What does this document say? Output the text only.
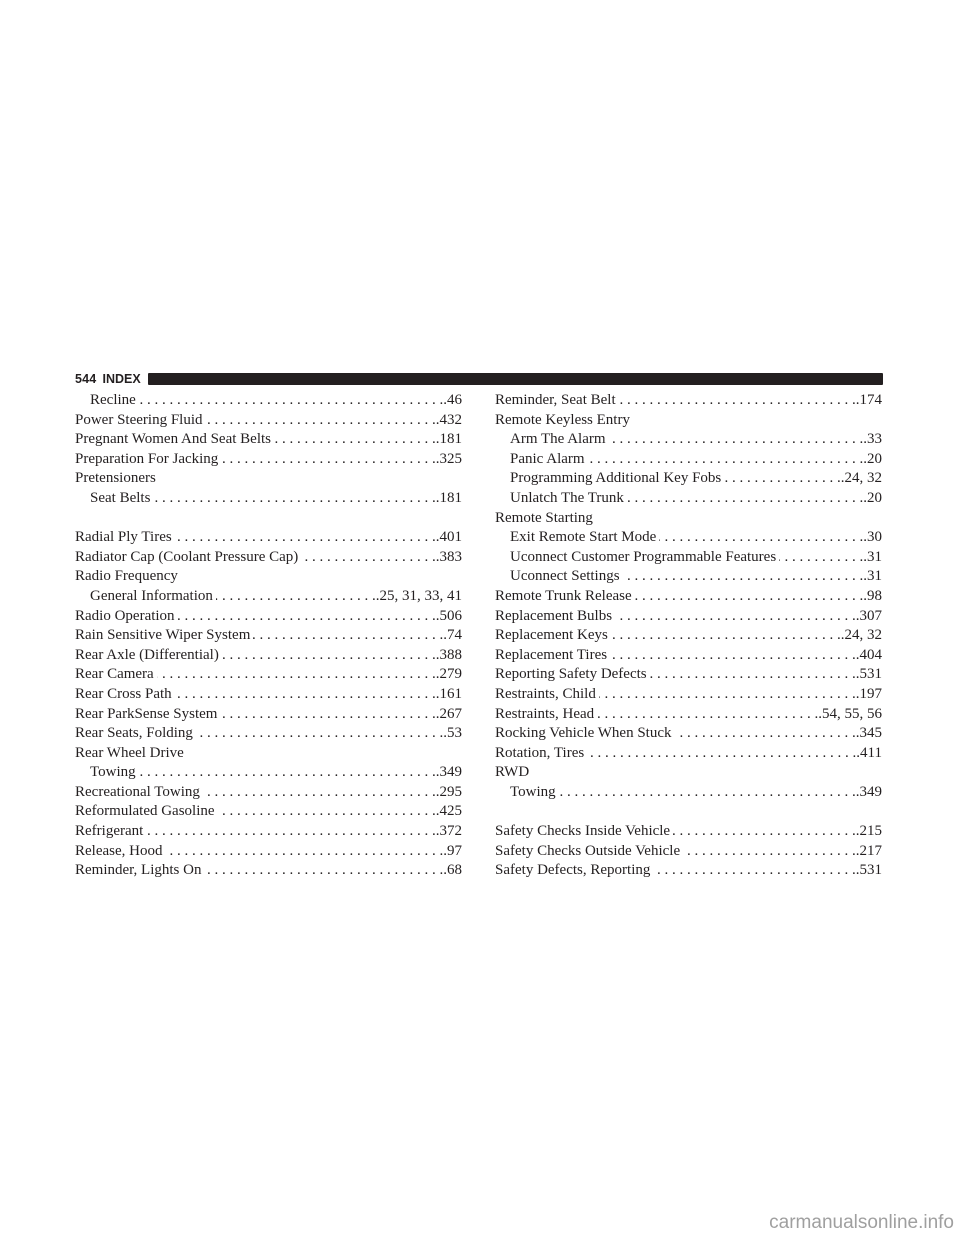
544 INDEX
Recline . . .	.46
Power Steering Fluid . . .	.432
Pregnant Women And Seat Belts . . .	.181
Preparation For Jacking . . .	.325
Pretensioners
Seat Belts . . .	.181
Radial Ply Tires . . .	.401
Radiator Cap (Coolant Pressure Cap) . . .	.383
Radio Frequency
General Information . . .	.25, 31, 33, 41
Radio Operation . . .	.506
Rain Sensitive Wiper System . . .	.74
Rear Axle (Differential) . . .	.388
Rear Camera . . .	.279
Rear Cross Path . . .	.161
Rear ParkSense System . . .	.267
Rear Seats, Folding . . .	.53
Rear Wheel Drive
Towing . . .	.349
Recreational Towing . . .	.295
Reformulated Gasoline . . .	.425
Refrigerant . . .	.372
Release, Hood . . .	.97
Reminder, Lights On . . .	.68
Reminder, Seat Belt . . .	.174
Remote Keyless Entry
Arm The Alarm . . .	.33
Panic Alarm . . .	.20
Programming Additional Key Fobs . . .	.24, 32
Unlatch The Trunk . . .	.20
Remote Starting
Exit Remote Start Mode . . .	.30
Uconnect Customer Programmable Features . . .	.31
Uconnect Settings . . .	.31
Remote Trunk Release . . .	.98
Replacement Bulbs . . .	.307
Replacement Keys . . .	.24, 32
Replacement Tires . . .	.404
Reporting Safety Defects . . .	.531
Restraints, Child . . .	.197
Restraints, Head . . .	.54, 55, 56
Rocking Vehicle When Stuck . . .	.345
Rotation, Tires . . .	.411
RWD
Towing . . .	.349
Safety Checks Inside Vehicle . . .	.215
Safety Checks Outside Vehicle . . .	.217
Safety Defects, Reporting . . .	.531
carmanualsonline.info
